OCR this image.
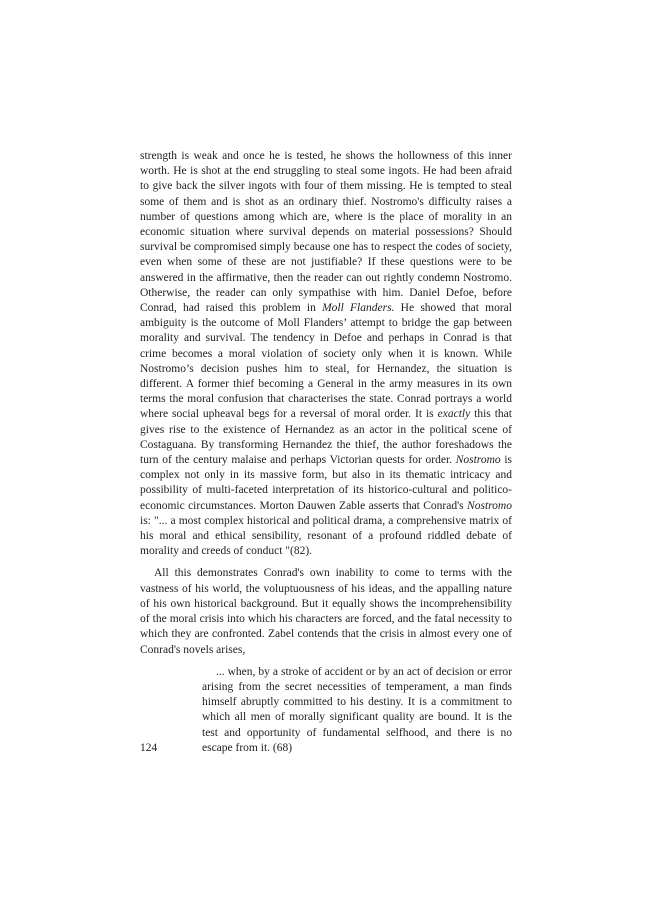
strength is weak and once he is tested, he shows the hollowness of this inner worth. He is shot at the end struggling to steal some ingots. He had been afraid to give back the silver ingots with four of them missing. He is tempted to steal some of them and is shot as an ordinary thief. Nostromo's difficulty raises a number of questions among which are, where is the place of morality in an economic situation where survival depends on material possessions? Should survival be compromised simply because one has to respect the codes of society, even when some of these are not justifiable? If these questions were to be answered in the affirmative, then the reader can out rightly condemn Nostromo. Otherwise, the reader can only sympathise with him. Daniel Defoe, before Conrad, had raised this problem in Moll Flanders. He showed that moral ambiguity is the outcome of Moll Flanders’ attempt to bridge the gap between morality and survival. The tendency in Defoe and perhaps in Conrad is that crime becomes a moral violation of society only when it is known. While Nostromo’s decision pushes him to steal, for Hernandez, the situation is different. A former thief becoming a General in the army measures in its own terms the moral confusion that characterises the state. Conrad portrays a world where social upheaval begs for a reversal of moral order. It is exactly this that gives rise to the existence of Hernandez as an actor in the political scene of Costaguana. By transforming Hernandez the thief, the author foreshadows the turn of the century malaise and perhaps Victorian quests for order. Nostromo is complex not only in its massive form, but also in its thematic intricacy and possibility of multi-faceted interpretation of its historico-cultural and politico-economic circumstances. Morton Dauwen Zable asserts that Conrad's Nostromo is: "... a most complex historical and political drama, a comprehensive matrix of his moral and ethical sensibility, resonant of a profound riddled debate of morality and creeds of conduct "(82).

All this demonstrates Conrad's own inability to come to terms with the vastness of his world, the voluptuousness of his ideas, and the appalling nature of his own historical background. But it equally shows the incomprehensibility of the moral crisis into which his characters are forced, and the fatal necessity to which they are confronted. Zabel contends that the crisis in almost every one of Conrad's novels arises,

... when, by a stroke of accident or by an act of decision or error arising from the secret necessities of temperament, a man finds himself abruptly committed to his destiny. It is a commitment to which all men of morally significant quality are bound. It is the test and opportunity of fundamental selfhood, and there is no escape from it. (68)

124
